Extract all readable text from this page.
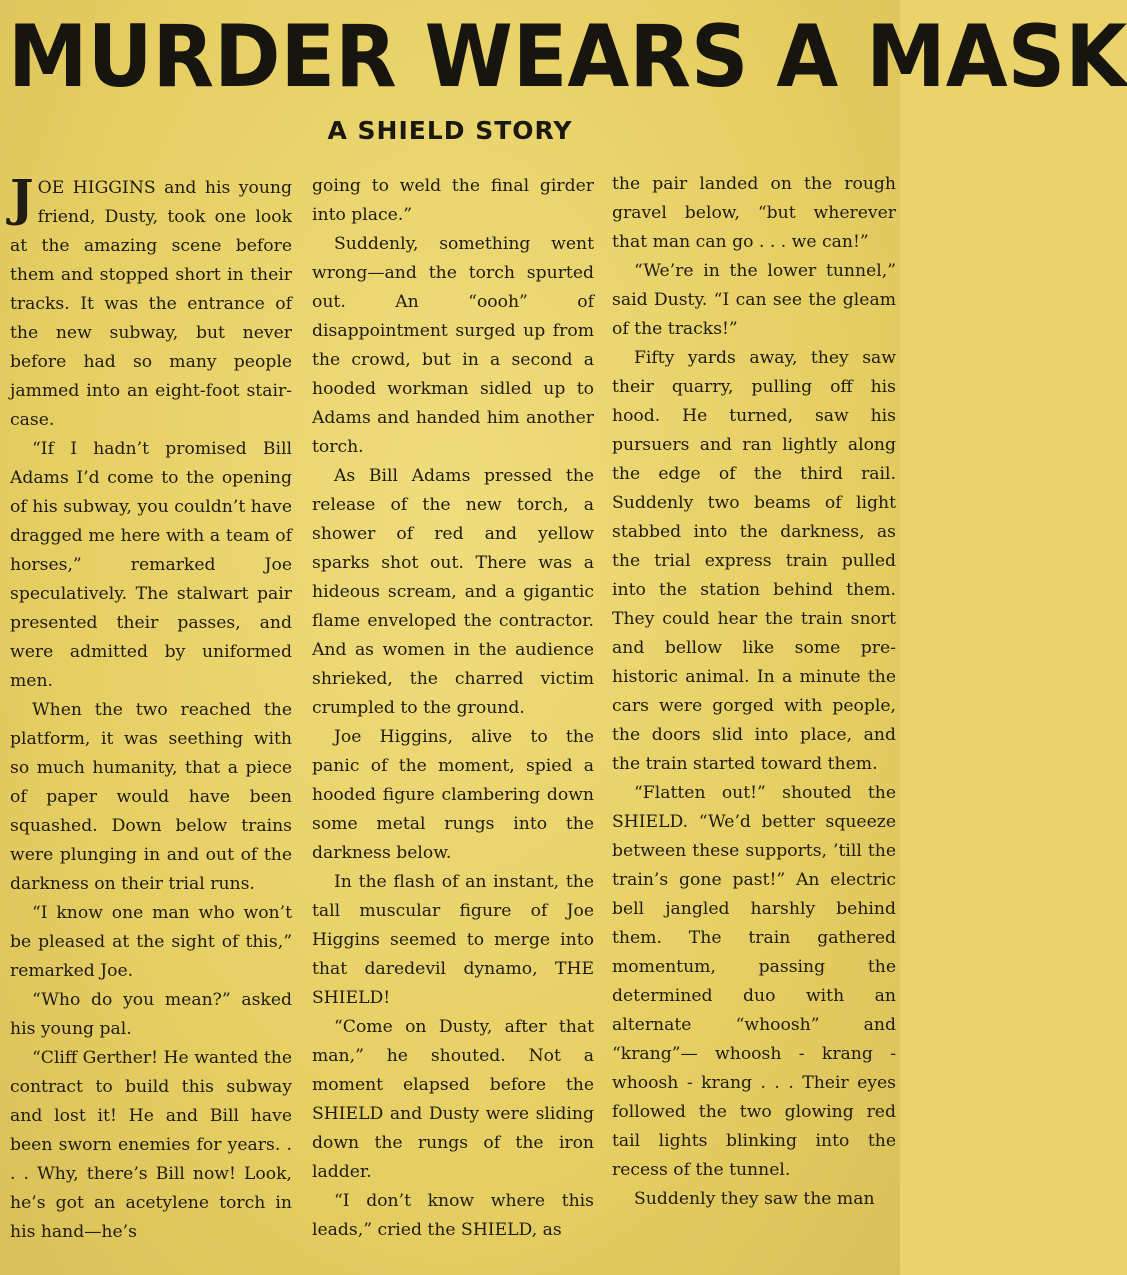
MURDER WEARS A MASK
A SHIELD STORY

JOE HIGGINS and his young friend, Dusty, took one look at the amazing scene before them and stopped short in their tracks. It was the entrance of the new subway, but never before had so many people jammed into an eight-foot stair-case.

“If I hadn’t promised Bill Adams I’d come to the opening of his subway, you couldn’t have dragged me here with a team of horses,” remarked Joe speculatively. The stalwart pair presented their passes, and were admitted by uniformed men.

When the two reached the platform, it was seething with so much humanity, that a piece of paper would have been squashed. Down below trains were plunging in and out of the darkness on their trial runs.

“I know one man who won’t be pleased at the sight of this,” remarked Joe.

“Who do you mean?” asked his young pal.

“Cliff Gerther! He wanted the contract to build this subway and lost it! He and Bill have been sworn enemies for years. . . . Why, there’s Bill now! Look, he’s got an acetylene torch in his hand—he’s

going to weld the final girder into place.”

Suddenly, something went wrong—and the torch spurted out. An “oooh” of disappointment surged up from the crowd, but in a second a hooded workman sidled up to Adams and handed him another torch.

As Bill Adams pressed the release of the new torch, a shower of red and yellow sparks shot out. There was a hideous scream, and a gigantic flame enveloped the contractor. And as women in the audience shrieked, the charred victim crumpled to the ground.

Joe Higgins, alive to the panic of the moment, spied a hooded figure clambering down some metal rungs into the darkness below.

In the flash of an instant, the tall muscular figure of Joe Higgins seemed to merge into that daredevil dynamo, THE SHIELD!

“Come on Dusty, after that man,” he shouted. Not a moment elapsed before the SHIELD and Dusty were sliding down the rungs of the iron ladder.

“I don’t know where this leads,” cried the SHIELD, as

the pair landed on the rough gravel below, “but wherever that man can go . . . we can!”

“We’re in the lower tunnel,” said Dusty. “I can see the gleam of the tracks!”

Fifty yards away, they saw their quarry, pulling off his hood. He turned, saw his pursuers and ran lightly along the edge of the third rail. Suddenly two beams of light stabbed into the darkness, as the trial express train pulled into the station behind them. They could hear the train snort and bellow like some pre-historic animal. In a minute the cars were gorged with people, the doors slid into place, and the train started toward them.

“Flatten out!” shouted the SHIELD. “We’d better squeeze between these supports, ’till the train’s gone past!” An electric bell jangled harshly behind them. The train gathered momentum, passing the determined duo with an alternate “whoosh” and “krang”— whoosh - krang - whoosh - krang . . . Their eyes followed the two glowing red tail lights blinking into the recess of the tunnel.

Suddenly they saw the man
